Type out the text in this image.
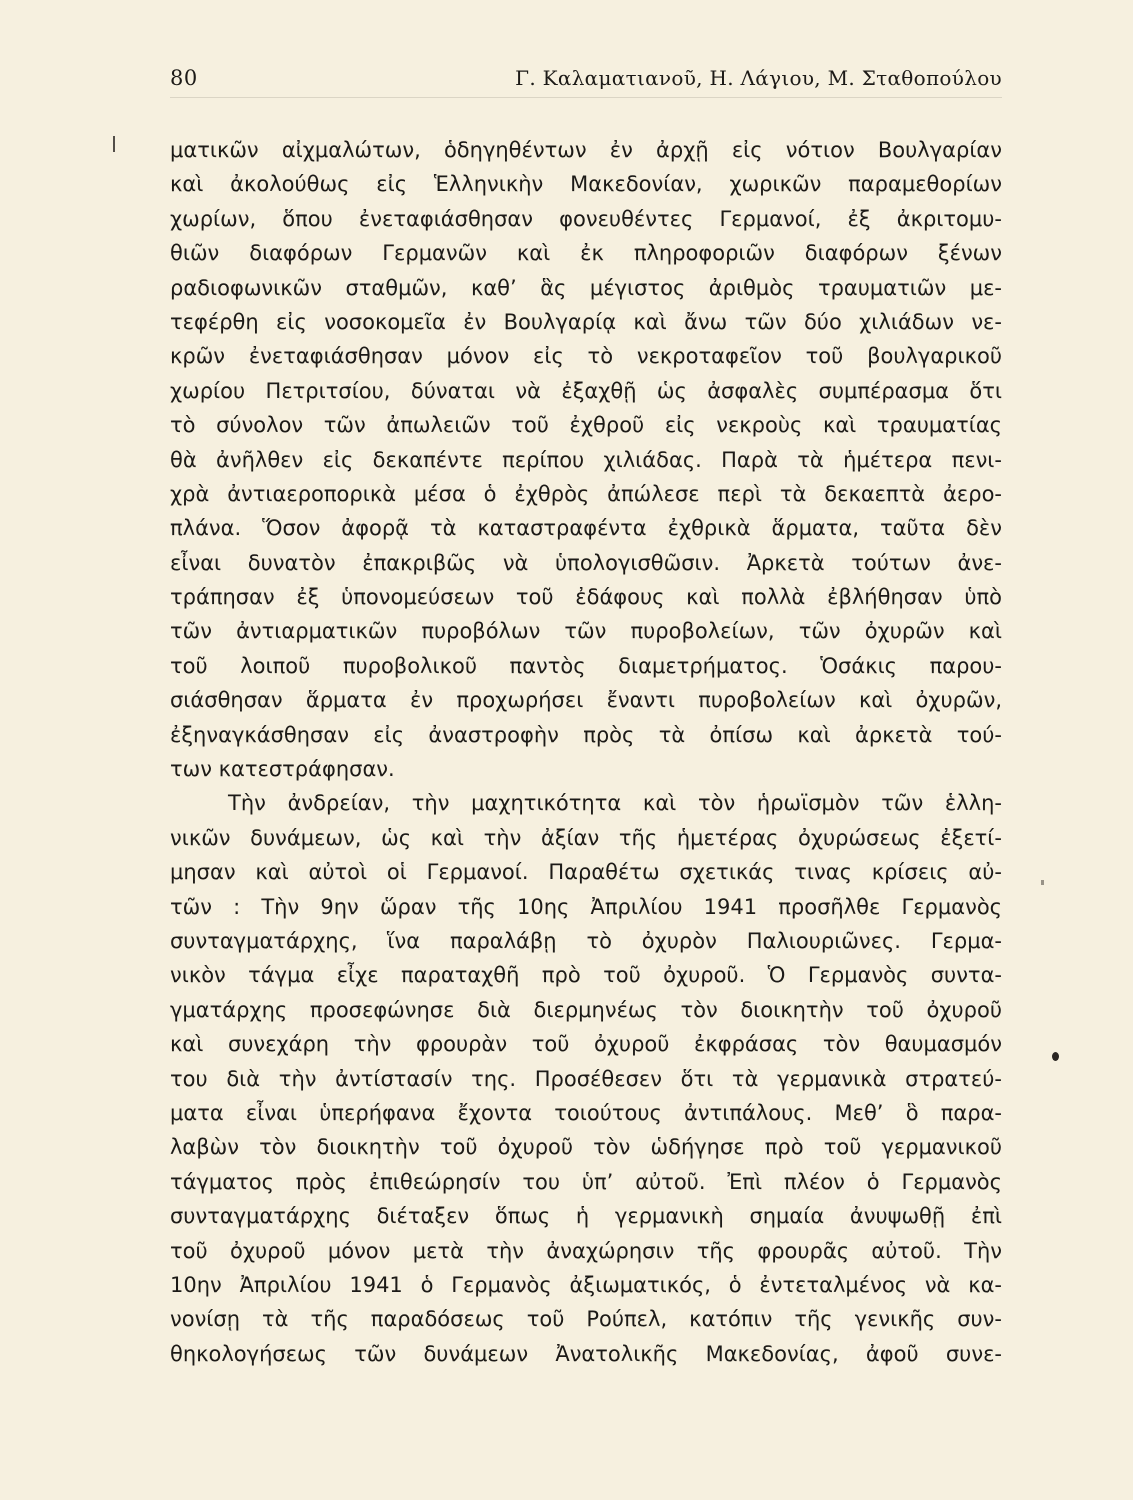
80	Γ. Καλαματιανοῦ, Η. Λάγιου, Μ. Σταθοπούλου
ματικῶν αἰχμαλώτων, ὁδηγηθέντων ἐν ἀρχῇ εἰς νότιον Βουλγαρίαν
καὶ ἀκολούθως εἰς Ἑλληνικὴν Μακεδονίαν, χωρικῶν παραμεθορίων
χωρίων, ὅπου ἐνεταφιάσθησαν φονευθέντες Γερμανοί, ἐξ ἀκριτομυ-
θιῶν διαφόρων Γερμανῶν καὶ ἐκ πληροφοριῶν διαφόρων ξένων
ραδιοφωνικῶν σταθμῶν, καθ’ ἃς μέγιστος ἀριθμὸς τραυματιῶν με-
τεφέρθη εἰς νοσοκομεῖα ἐν Βουλγαρίᾳ καὶ ἄνω τῶν δύο χιλιάδων νε-
κρῶν ἐνεταφιάσθησαν μόνον εἰς τὸ νεκροταφεῖον τοῦ βουλγαρικοῦ
χωρίου Πετριτσίου, δύναται νὰ ἐξαχθῇ ὡς ἀσφαλὲς συμπέρασμα ὅτι
τὸ σύνολον τῶν ἀπωλειῶν τοῦ ἐχθροῦ εἰς νεκροὺς καὶ τραυματίας
θὰ ἀνῆλθεν εἰς δεκαπέντε περίπου χιλιάδας. Παρὰ τὰ ἡμέτερα πενι-
χρὰ ἀντιαεροπορικὰ μέσα ὁ ἐχθρὸς ἀπώλεσε περὶ τὰ δεκαεπτὰ ἀερο-
πλάνα. Ὅσον ἀφορᾷ τὰ καταστραφέντα ἐχθρικὰ ἅρματα, ταῦτα δὲν
εἶναι δυνατὸν ἐπακριβῶς νὰ ὑπολογισθῶσιν. Ἀρκετὰ τούτων ἀνε-
τράπησαν ἐξ ὑπονομεύσεων τοῦ ἐδάφους καὶ πολλὰ ἐβλήθησαν ὑπὸ
τῶν ἀντιαρματικῶν πυροβόλων τῶν πυροβολείων, τῶν ὀχυρῶν καὶ
τοῦ λοιποῦ πυροβολικοῦ παντὸς διαμετρήματος. Ὁσάκις παρου-
σιάσθησαν ἅρματα ἐν προχωρήσει ἔναντι πυροβολείων καὶ ὀχυρῶν,
ἐξηναγκάσθησαν εἰς ἀναστροφὴν πρὸς τὰ ὀπίσω καὶ ἀρκετὰ τού-
των κατεστράφησαν.
Τὴν ἀνδρείαν, τὴν μαχητικότητα καὶ τὸν ἡρωϊσμὸν τῶν ἑλλη-
νικῶν δυνάμεων, ὡς καὶ τὴν ἀξίαν τῆς ἡμετέρας ὀχυρώσεως ἐξετί-
μησαν καὶ αὐτοὶ οἱ Γερμανοί. Παραθέτω σχετικάς τινας κρίσεις αὐ-
τῶν : Τὴν 9ην ὥραν τῆς 10ης Ἀπριλίου 1941 προσῆλθε Γερμανὸς
συνταγματάρχης, ἵνα παραλάβῃ τὸ ὀχυρὸν Παλιουριῶνες. Γερμα-
νικὸν τάγμα εἶχε παραταχθῆ πρὸ τοῦ ὀχυροῦ. Ὁ Γερμανὸς συντα-
γματάρχης προσεφώνησε διὰ διερμηνέως τὸν διοικητὴν τοῦ ὀχυροῦ
καὶ συνεχάρη τὴν φρουρὰν τοῦ ὀχυροῦ ἐκφράσας τὸν θαυμασμόν
του διὰ τὴν ἀντίστασίν της. Προσέθεσεν ὅτι τὰ γερμανικὰ στρατεύ-
ματα εἶναι ὑπερήφανα ἔχοντα τοιούτους ἀντιπάλους. Μεθ’ ὃ παρα-
λαβὼν τὸν διοικητὴν τοῦ ὀχυροῦ τὸν ὡδήγησε πρὸ τοῦ γερμανικοῦ
τάγματος πρὸς ἐπιθεώρησίν του ὑπ’ αὐτοῦ. Ἐπὶ πλέον ὁ Γερμανὸς
συνταγματάρχης διέταξεν ὅπως ἡ γερμανικὴ σημαία ἀνυψωθῇ ἐπὶ
τοῦ ὀχυροῦ μόνον μετὰ τὴν ἀναχώρησιν τῆς φρουρᾶς αὐτοῦ. Τὴν
10ην Ἀπριλίου 1941 ὁ Γερμανὸς ἀξιωματικός, ὁ ἐντεταλμένος νὰ κα-
νονίσῃ τὰ τῆς παραδόσεως τοῦ Ρούπελ, κατόπιν τῆς γενικῆς συν-
θηκολογήσεως τῶν δυνάμεων Ἀνατολικῆς Μακεδονίας, ἀφοῦ συνε-
